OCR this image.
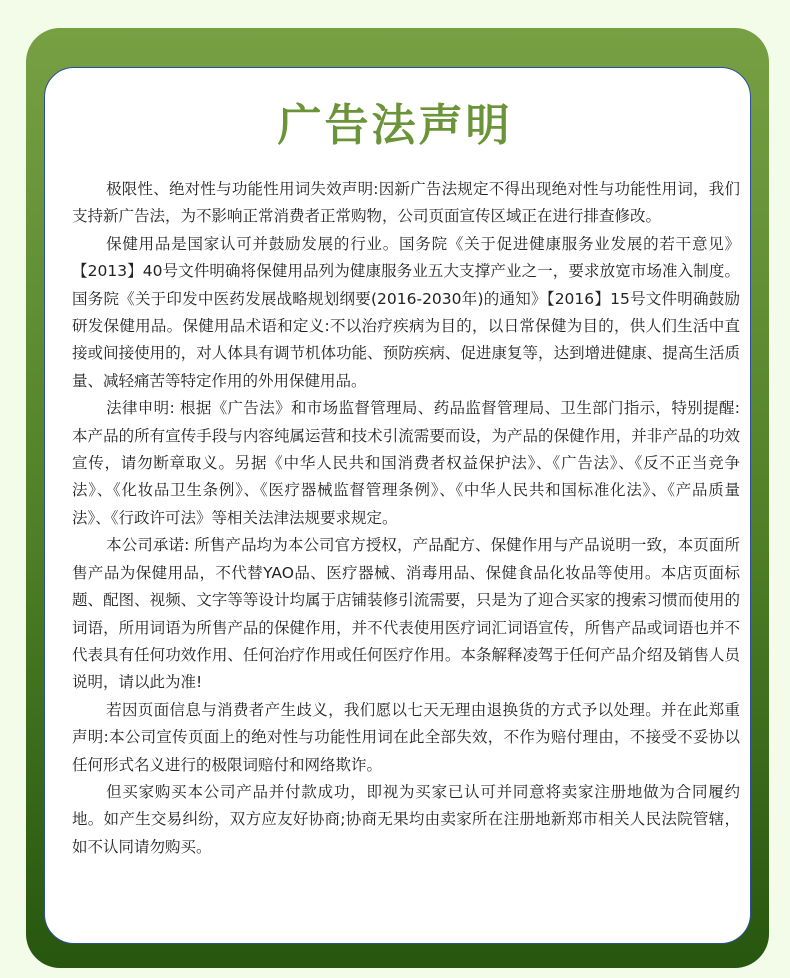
广告法声明

极限性、绝对性与功能性用词失效声明:因新广告法规定不得出现绝对性与功能性用词，我们支持新广告法，为不影响正常消费者正常购物，公司页面宣传区域正在进行排查修改。

保健用品是国家认可并鼓励发展的行业。国务院《关于促进健康服务业发展的若干意见》【2013】40号文件明确将保健用品列为健康服务业五大支撑产业之一，要求放宽市场准入制度。国务院《关于印发中医药发展战略规划纲要(2016-2030年)的通知》【2016】15号文件明确鼓励研发保健用品。保健用品术语和定义:不以治疗疾病为目的，以日常保健为目的，供人们生活中直接或间接使用的，对人体具有调节机体功能、预防疾病、促进康复等，达到增进健康、提高生活质量、减轻痛苦等特定作用的外用保健用品。

法律申明: 根据《广告法》和市场监督管理局、药品监督管理局、卫生部门指示，特别提醒:本产品的所有宣传手段与内容纯属运营和技术引流需要而设，为产品的保健作用，并非产品的功效宣传，请勿断章取义。另据《中华人民共和国消费者权益保护法》、《广告法》、《反不正当竞争法》、《化妆品卫生条例》、《医疗器械监督管理条例》、《中华人民共和国标准化法》、《产品质量法》、《行政许可法》等相关法津法规要求规定。

本公司承诺: 所售产品均为本公司官方授权，产品配方、保健作用与产品说明一致，本页面所售产品为保健用品，不代替YAO品、医疗器械、消毒用品、保健食品化妆品等使用。本店页面标题、配图、视频、文字等等设计均属于店铺装修引流需要，只是为了迎合买家的搜索习惯而使用的词语，所用词语为所售产品的保健作用，并不代表使用医疗词汇词语宣传，所售产品或词语也并不代表具有任何功效作用、任何治疗作用或任何医疗作用。本条解释凌驾于任何产品介绍及销售人员说明，请以此为准!

若因页面信息与消费者产生歧义，我们愿以七天无理由退换货的方式予以处理。并在此郑重声明:本公司宣传页面上的绝对性与功能性用词在此全部失效，不作为赔付理由，不接受不妥协以任何形式名义进行的极限词赔付和网络欺诈。

但买家购买本公司产品并付款成功，即视为买家已认可并同意将卖家注册地做为合同履约地。如产生交易纠纷，双方应友好协商;协商无果均由卖家所在注册地新郑市相关人民法院管辖，如不认同请勿购买。
